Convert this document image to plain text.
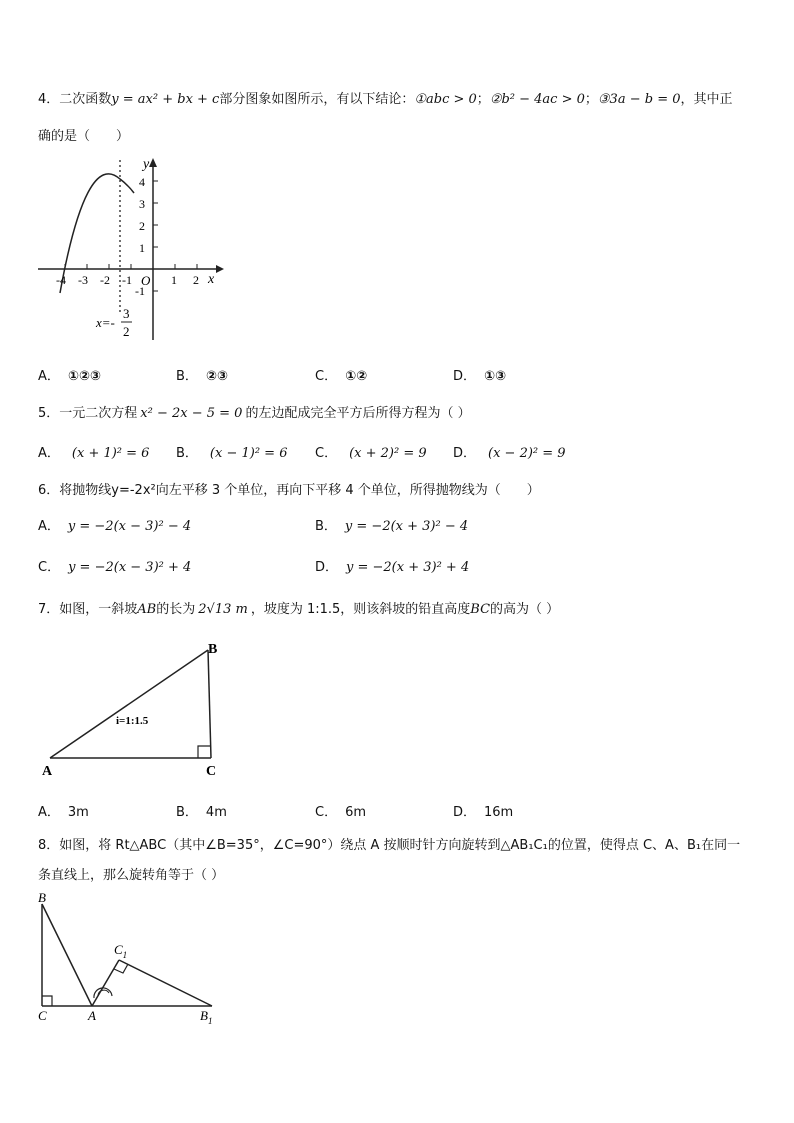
4．二次函数y = ax² + bx + c部分图象如图所示，有以下结论：①abc > 0；②b² − 4ac > 0；③3a − b = 0，其中正
确的是（　　）
y
x
O
4
3
2
1
-1
-4 -3 -2 -1	1 2
x=-
3
2
A． ①②③	B． ②③	C． ①②	D． ①③
5．一元二次方程 x² − 2x − 5 = 0 的左边配成完全平方后所得方程为（ ）
A． (x + 1)² = 6 B． (x − 1)² = 6 C． (x + 2)² = 9 D． (x − 2)² = 9
6．将抛物线y=-2x²向左平移 3 个单位，再向下平移 4 个单位，所得抛物线为（　　）
A． y = −2(x − 3)² − 4	B． y = −2(x + 3)² − 4
C． y = −2(x − 3)² + 4	D． y = −2(x + 3)² + 4
7．如图，一斜坡AB的长为 2√13 m ，坡度为 1:1.5，则该斜坡的铅直高度BC的高为（ ）
A
B
C
i=1:1.5
A． 3m	B． 4m	C． 6m	D． 16m
8．如图，将 Rt△ABC（其中∠B=35°，∠C=90°）绕点 A 按顺时针方向旋转到△AB₁C₁的位置，使得点 C、A、B₁在同一
条直线上，那么旋转角等于（ ）
B
C	A
$C_1$
$B_1$
